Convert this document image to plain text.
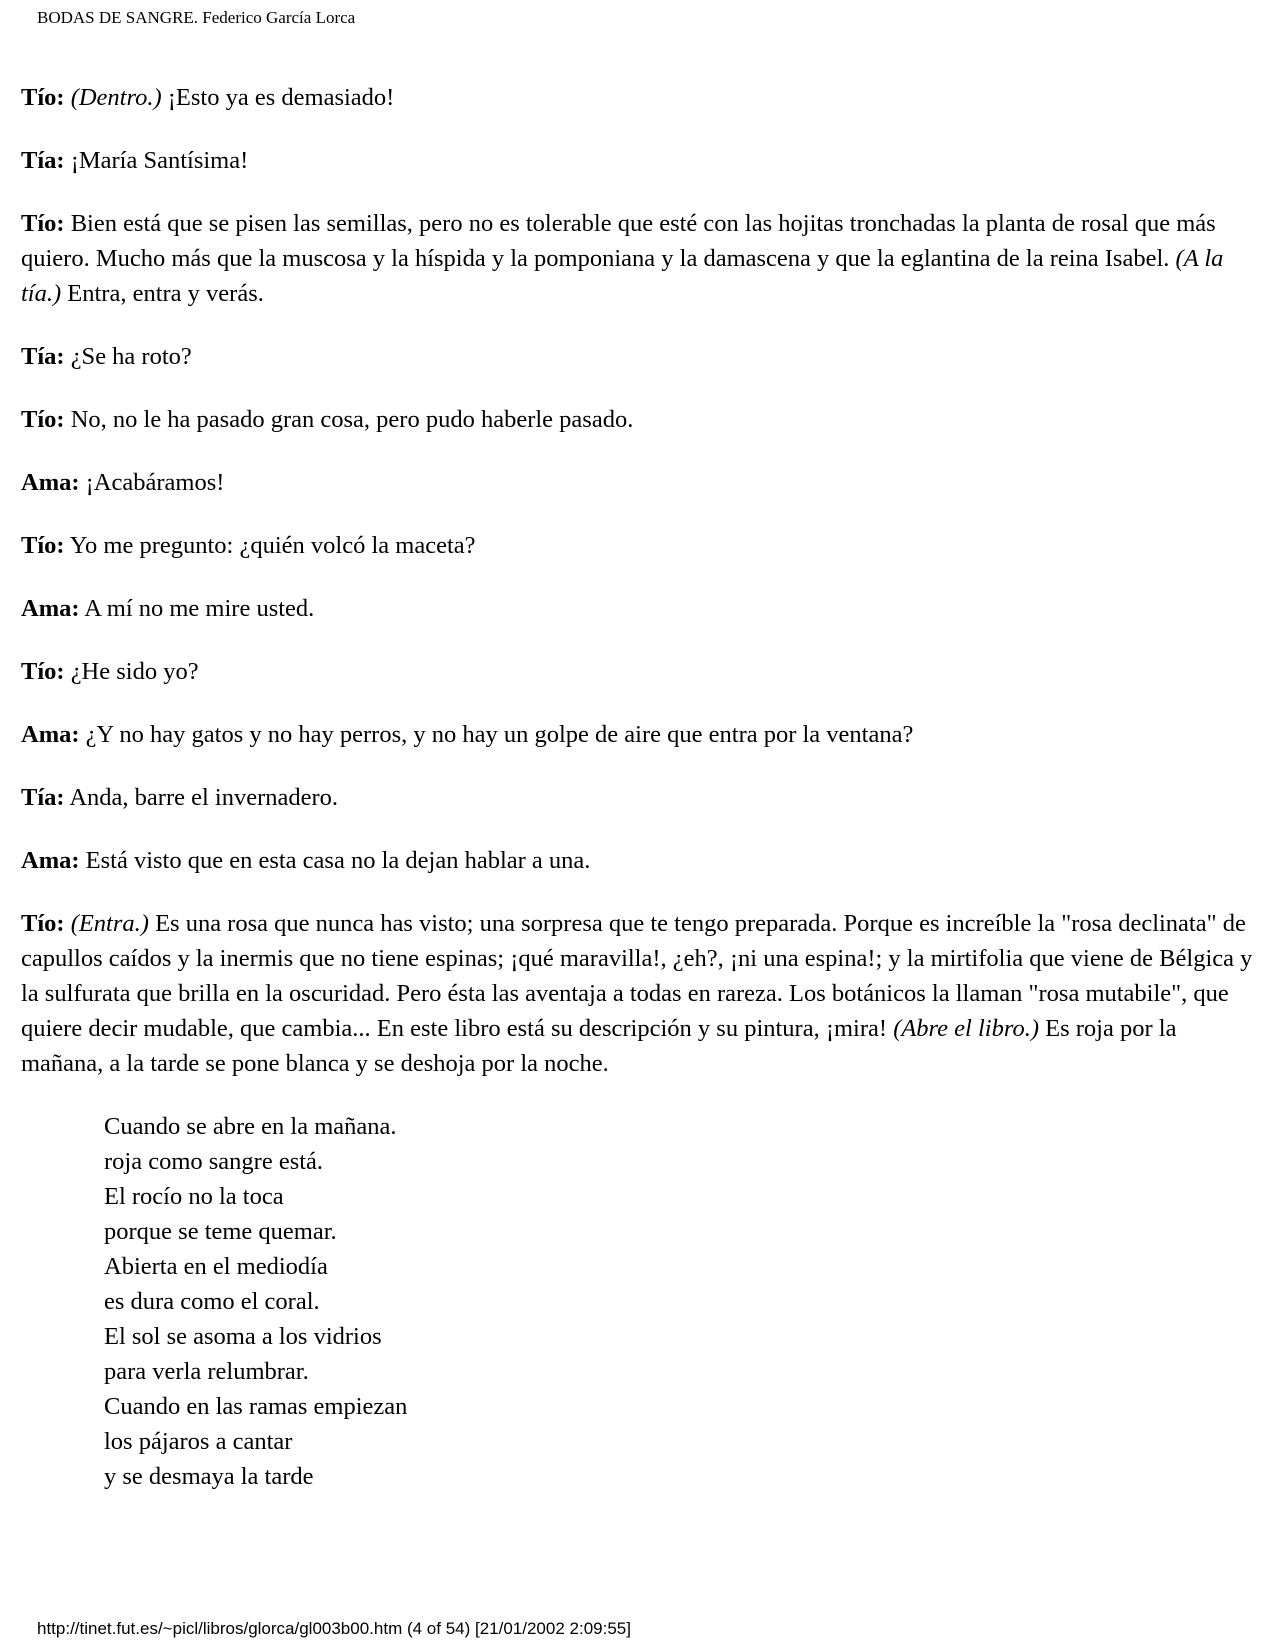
BODAS DE SANGRE. Federico García Lorca
Tío: (Dentro.) ¡Esto ya es demasiado!
Tía: ¡María Santísima!
Tío: Bien está que se pisen las semillas, pero no es tolerable que esté con las hojitas tronchadas la planta de rosal que más quiero. Mucho más que la muscosa y la híspida y la pomponiana y la damascena y que la eglantina de la reina Isabel. (A la tía.) Entra, entra y verás.
Tía: ¿Se ha roto?
Tío: No, no le ha pasado gran cosa, pero pudo haberle pasado.
Ama: ¡Acabáramos!
Tío: Yo me pregunto: ¿quién volcó la maceta?
Ama: A mí no me mire usted.
Tío: ¿He sido yo?
Ama: ¿Y no hay gatos y no hay perros, y no hay un golpe de aire que entra por la ventana?
Tía: Anda, barre el invernadero.
Ama: Está visto que en esta casa no la dejan hablar a una.
Tío: (Entra.) Es una rosa que nunca has visto; una sorpresa que te tengo preparada. Porque es increíble la "rosa declinata" de capullos caídos y la inermis que no tiene espinas; ¡qué maravilla!, ¿eh?, ¡ni una espina!; y la mirtifolia que viene de Bélgica y la sulfurata que brilla en la oscuridad. Pero ésta las aventaja a todas en rareza. Los botánicos la llaman "rosa mutabile", que quiere decir mudable, que cambia... En este libro está su descripción y su pintura, ¡mira! (Abre el libro.) Es roja por la mañana, a la tarde se pone blanca y se deshoja por la noche.
Cuando se abre en la mañana.
roja como sangre está.
El rocío no la toca
porque se teme quemar.
Abierta en el mediodía
es dura como el coral.
El sol se asoma a los vidrios
para verla relumbrar.
Cuando en las ramas empiezan
los pájaros a cantar
y se desmaya la tarde
http://tinet.fut.es/~picl/libros/glorca/gl003b00.htm (4 of 54) [21/01/2002 2:09:55]
